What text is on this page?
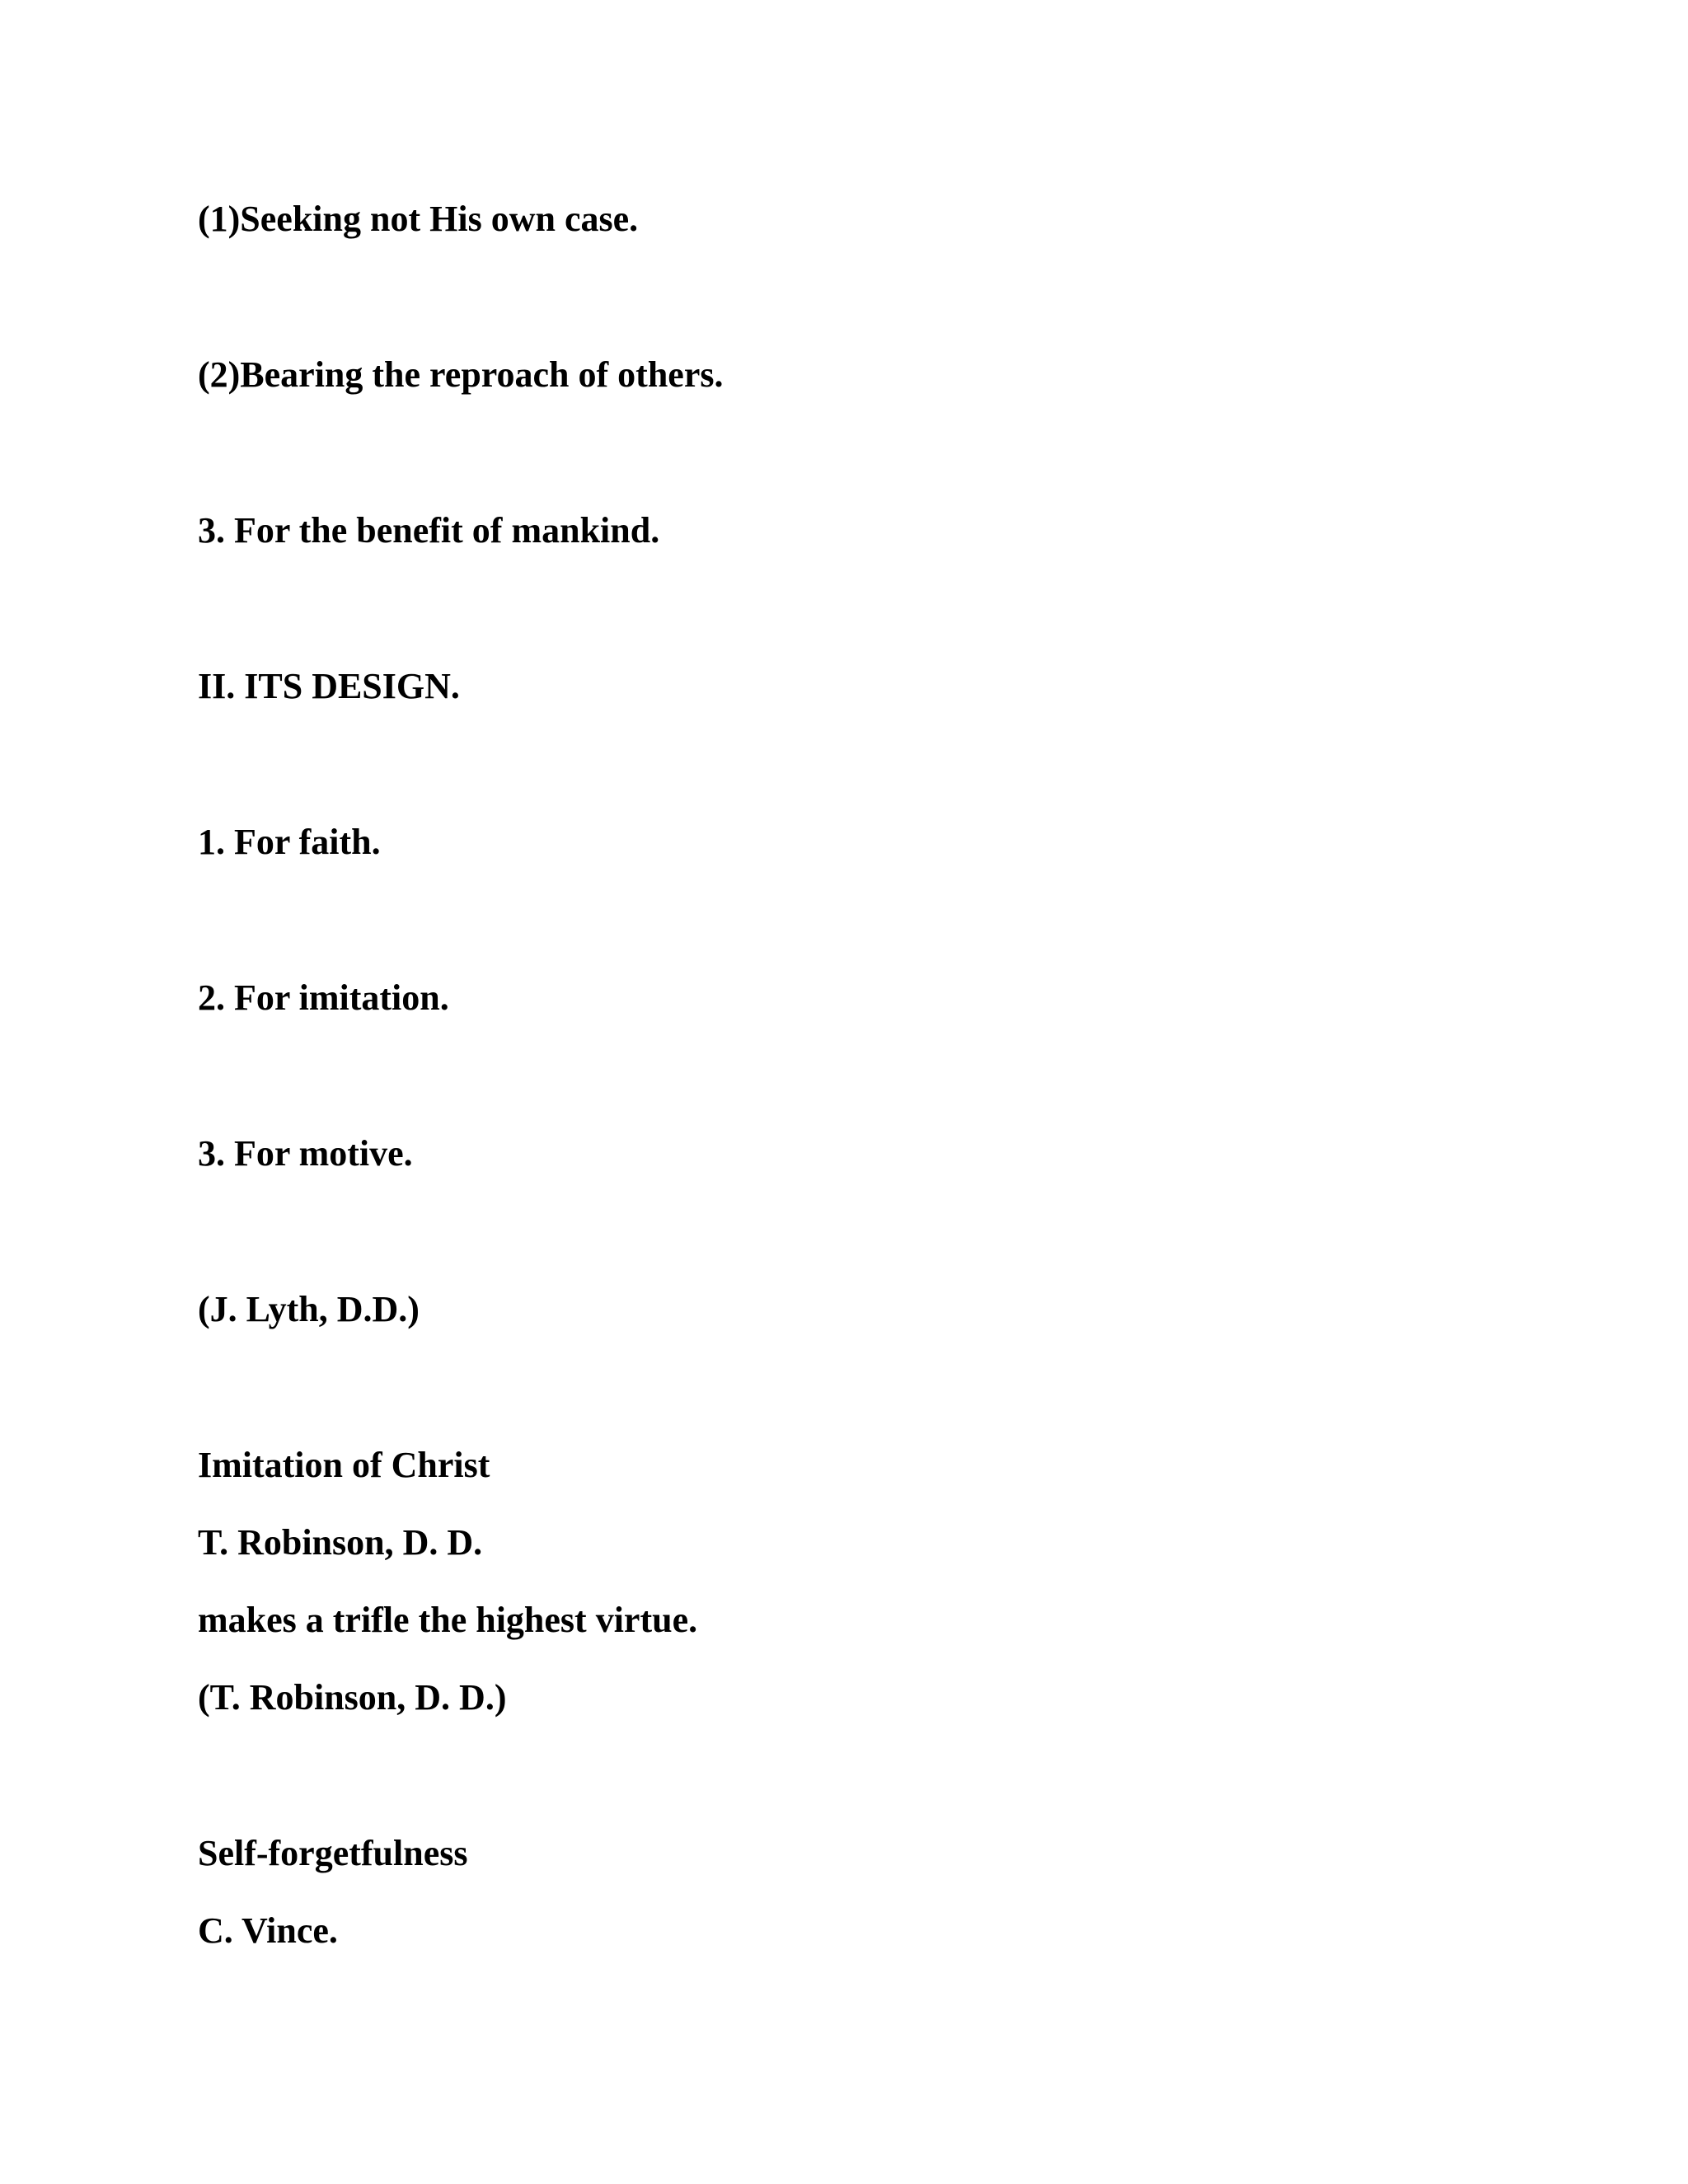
(1)Seeking not His own case.

(2)Bearing the reproach of others.

3. For the benefit of mankind.

II. ITS DESIGN.

1. For faith.

2. For imitation.

3. For motive.

(J. Lyth, D.D.)

Imitation of Christ

T. Robinson, D. D.

makes a trifle the highest virtue.

(T. Robinson, D. D.)

Self-forgetfulness

C. Vince.
